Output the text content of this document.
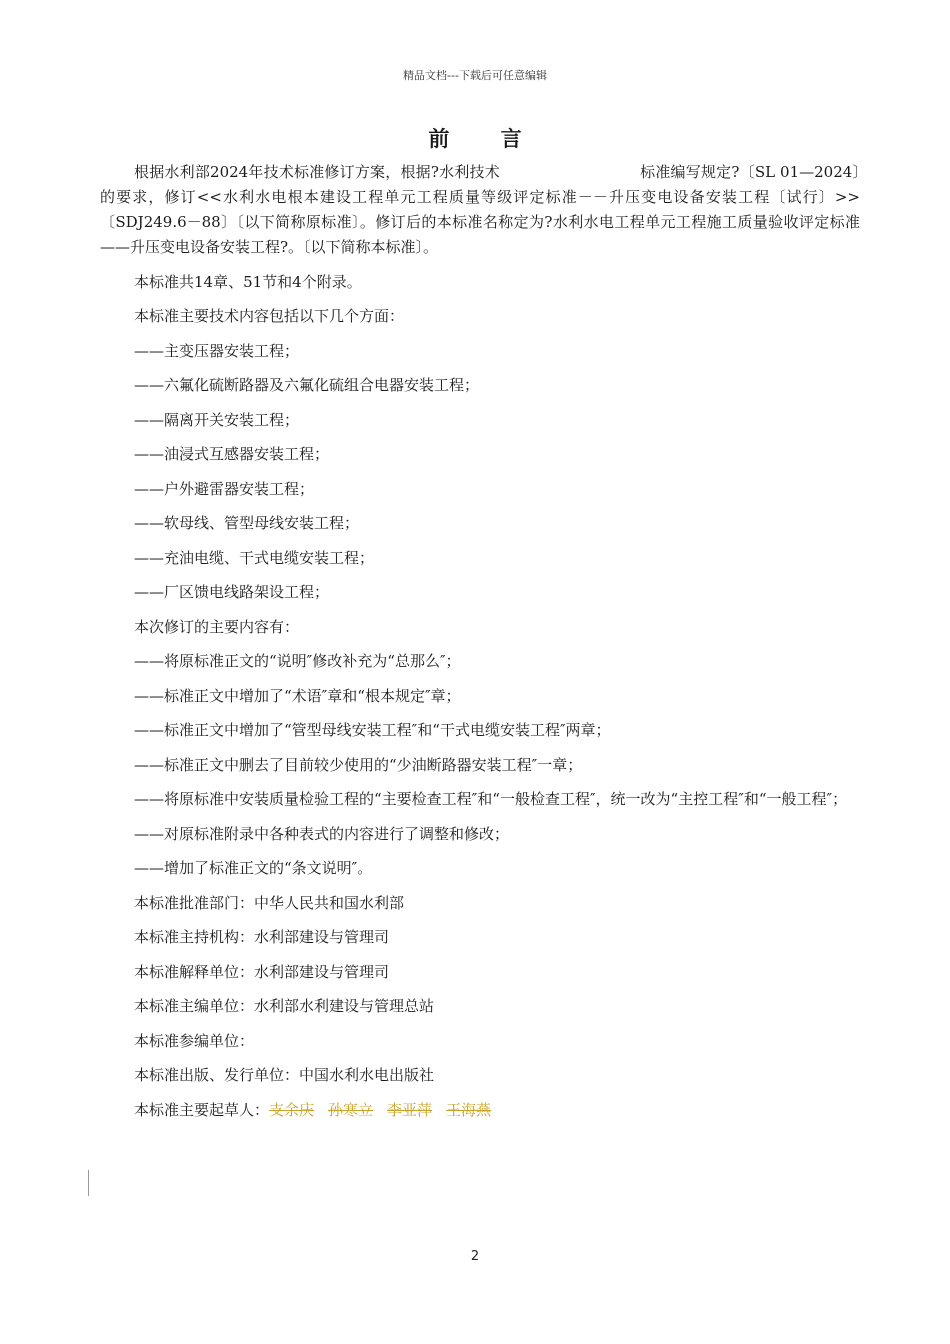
精品文档---下载后可任意编辑
前 言

根据水利部2024年技术标准修订方案，根据?水利技术	标准编写规定?〔SL 01—2024〕的要求，修订<<水利水电根本建设工程单元工程质量等级评定标准－－升压变电设备安装工程〔试行〕>>〔SDJ249.6－88〕〔以下简称原标准〕。修订后的本标准名称定为?水利水电工程单元工程施工质量验收评定标准 ——升压变电设备安装工程?。〔以下简称本标准〕。

本标准共14章、51节和4个附录。

本标准主要技术内容包括以下几个方面：

——主变压器安装工程；

——六氟化硫断路器及六氟化硫组合电器安装工程；

——隔离开关安装工程；

——油浸式互感器安装工程；

——户外避雷器安装工程；

——软母线、管型母线安装工程；

——充油电缆、干式电缆安装工程；

——厂区馈电线路架设工程；

本次修订的主要内容有：

——将原标准正文的“说明″修改补充为“总那么″；

——标准正文中增加了“术语″章和“根本规定″章；

——标准正文中增加了“管型母线安装工程″和“干式电缆安装工程″两章；

——标准正文中删去了目前较少使用的“少油断路器安装工程″一章；

——将原标准中安装质量检验工程的“主要检查工程″和“一般检查工程″，统一改为“主控工程″和“一般工程″；

——对原标准附录中各种表式的内容进行了调整和修改；

——增加了标准正文的“条文说明″。

本标准批准部门：中华人民共和国水利部

本标准主持机构：水利部建设与管理司

本标准解释单位：水利部建设与管理司

本标准主编单位：水利部水利建设与管理总站

本标准参编单位：

本标准出版、发行单位：中国水利水电出版社

本标准主要起草人：支余庆 孙寒立 李亚萍 王海燕

2
